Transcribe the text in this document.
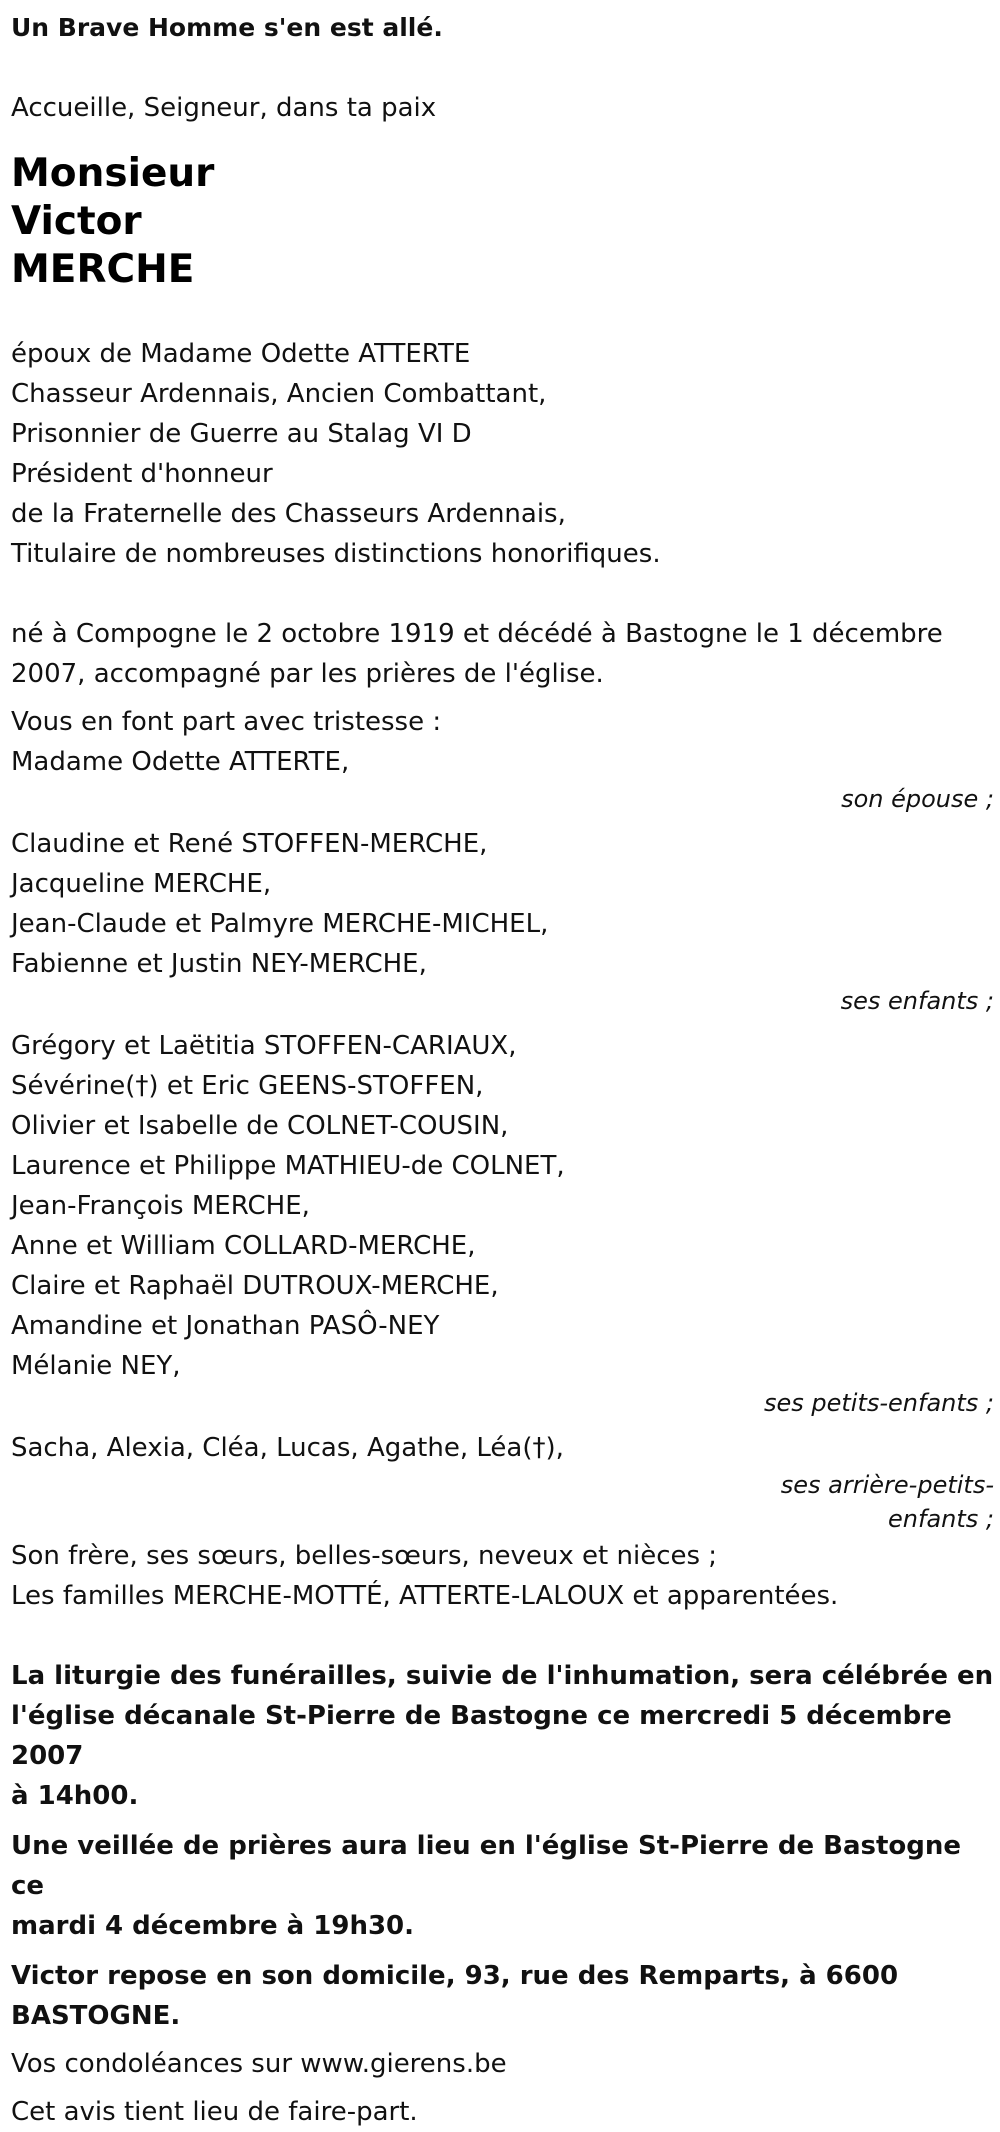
Un Brave Homme s'en est allé.
Accueille, Seigneur, dans ta paix
Monsieur
Victor
MERCHE
époux de Madame Odette ATTERTE
Chasseur Ardennais, Ancien Combattant,
Prisonnier de Guerre au Stalag VI D
Président d'honneur
de la Fraternelle des Chasseurs Ardennais,
Titulaire de nombreuses distinctions honorifiques.
né à Compogne le 2 octobre 1919 et décédé à Bastogne le 1 décembre
2007, accompagné par les prières de l'église.
Vous en font part avec tristesse :
Madame Odette ATTERTE,
son épouse ;
Claudine et René STOFFEN-MERCHE,
Jacqueline MERCHE,
Jean-Claude et Palmyre MERCHE-MICHEL,
Fabienne et Justin NEY-MERCHE,
ses enfants ;
Grégory et Laëtitia STOFFEN-CARIAUX,
Sévérine(†) et Eric GEENS-STOFFEN,
Olivier et Isabelle de COLNET-COUSIN,
Laurence et Philippe MATHIEU-de COLNET,
Jean-François MERCHE,
Anne et William COLLARD-MERCHE,
Claire et Raphaël DUTROUX-MERCHE,
Amandine et Jonathan PASÔ-NEY
Mélanie NEY,
ses petits-enfants ;
Sacha, Alexia, Cléa, Lucas, Agathe, Léa(†),
ses arrière-petits-
enfants ;
Son frère, ses sœurs, belles-sœurs, neveux et nièces ;
Les familles MERCHE-MOTTÉ, ATTERTE-LALOUX et apparentées.
La liturgie des funérailles, suivie de l'inhumation, sera célébrée en
l'église décanale St-Pierre de Bastogne ce mercredi 5 décembre 2007
à 14h00.
Une veillée de prières aura lieu en l'église St-Pierre de Bastogne ce
mardi 4 décembre à 19h30.
Victor repose en son domicile, 93, rue des Remparts, à 6600
BASTOGNE.
Vos condoléances sur www.gierens.be
Cet avis tient lieu de faire-part.
